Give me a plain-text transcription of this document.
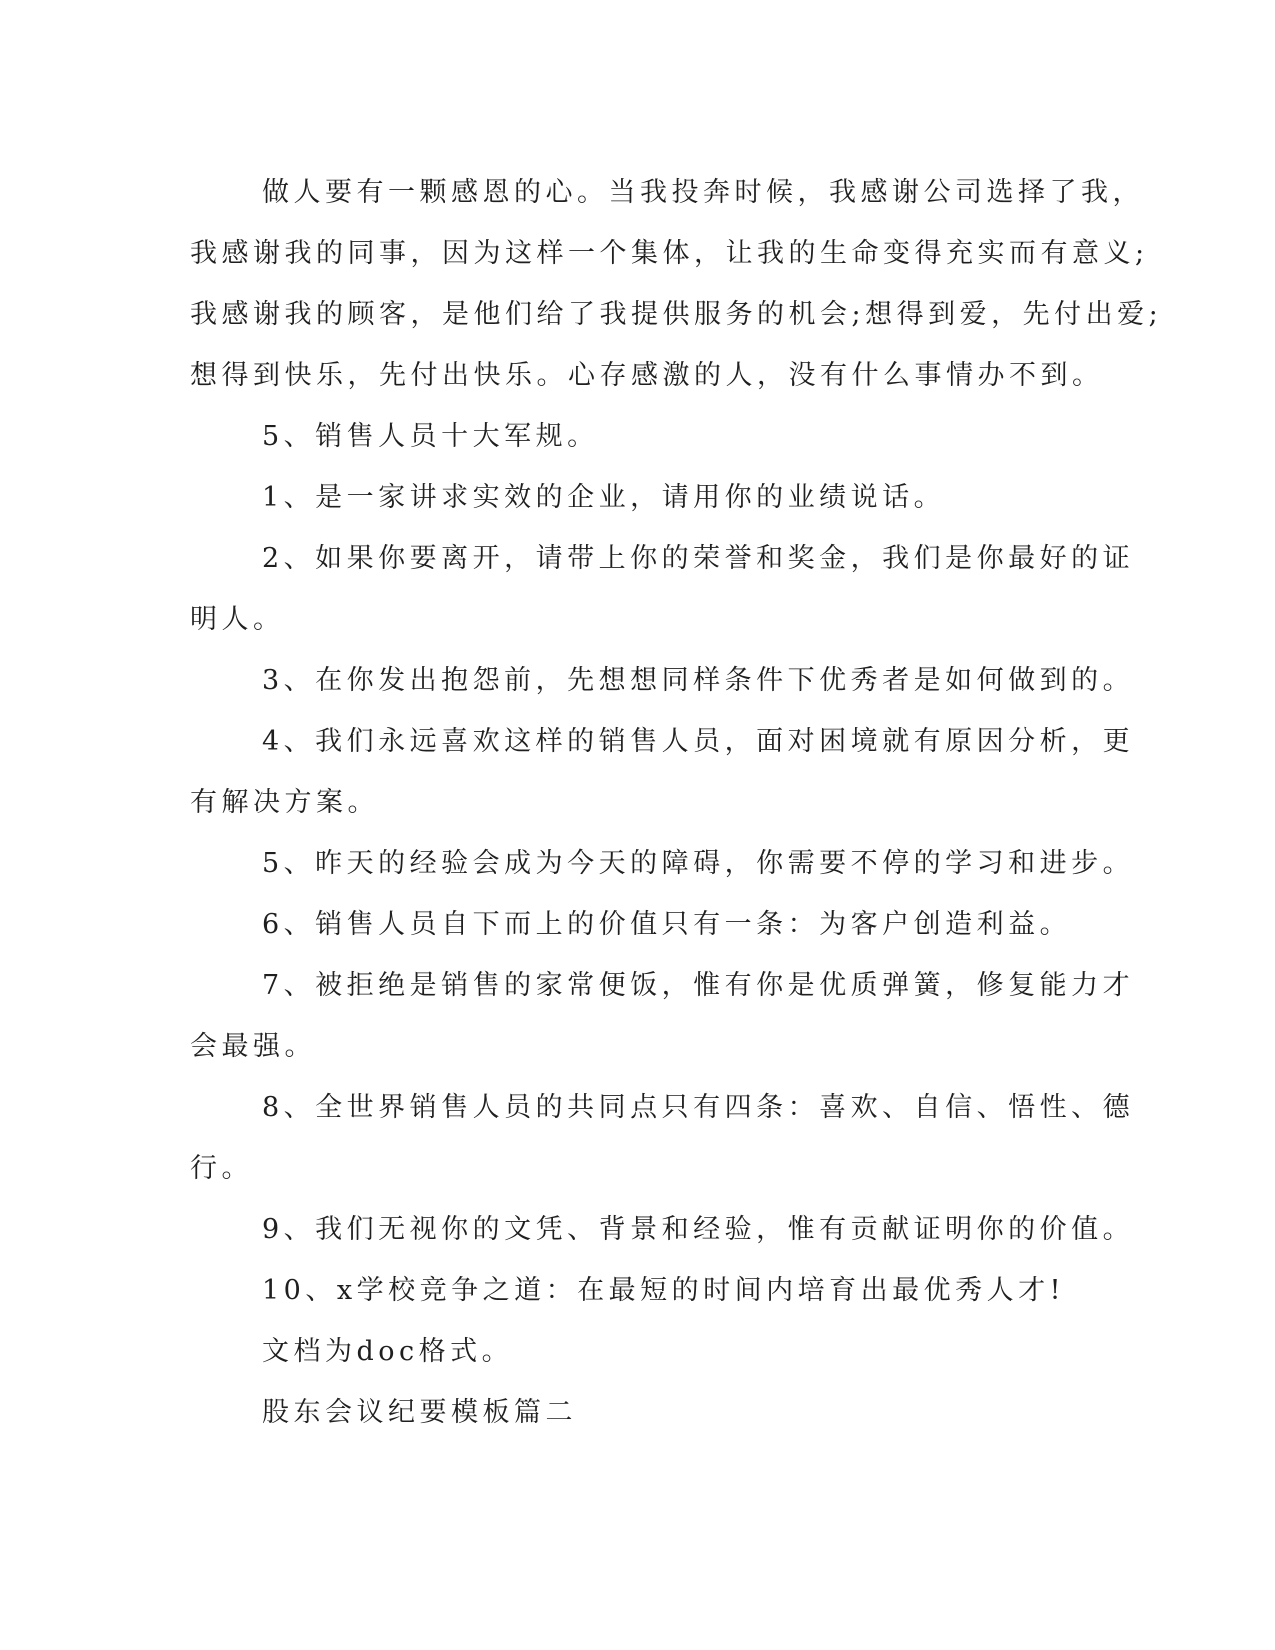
做人要有一颗感恩的心。当我投奔时候，我感谢公司选择了我，

我感谢我的同事，因为这样一个集体，让我的生命变得充实而有意义;

我感谢我的顾客，是他们给了我提供服务的机会;想得到爱，先付出爱;

想得到快乐，先付出快乐。心存感激的人，没有什么事情办不到。

5、销售人员十大军规。

1、是一家讲求实效的企业，请用你的业绩说话。

2、如果你要离开，请带上你的荣誉和奖金，我们是你最好的证

明人。

3、在你发出抱怨前，先想想同样条件下优秀者是如何做到的。

4、我们永远喜欢这样的销售人员，面对困境就有原因分析，更

有解决方案。

5、昨天的经验会成为今天的障碍，你需要不停的学习和进步。

6、销售人员自下而上的价值只有一条：为客户创造利益。

7、被拒绝是销售的家常便饭，惟有你是优质弹簧，修复能力才

会最强。

8、全世界销售人员的共同点只有四条：喜欢、自信、悟性、德

行。

9、我们无视你的文凭、背景和经验，惟有贡献证明你的价值。

10、x学校竞争之道：在最短的时间内培育出最优秀人才!

文档为doc格式。

股东会议纪要模板篇二
